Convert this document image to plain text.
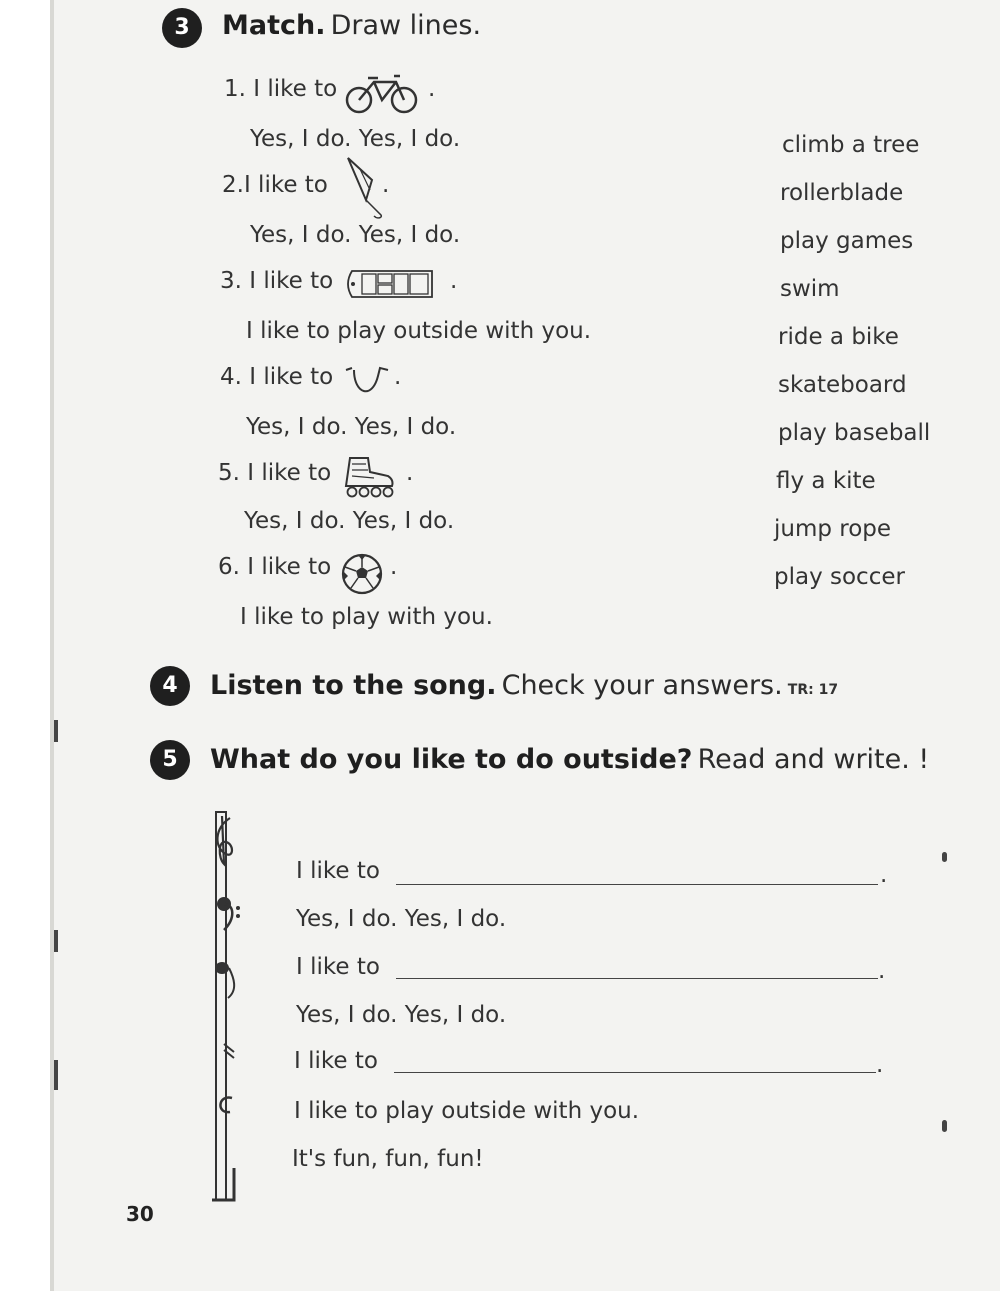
3	Match. Draw lines.
1. I like to	.
Yes, I do. Yes, I do.
2.I like to .
Yes, I do. Yes, I do.
3. I like to	.
I like to play outside with you.
4. I like to	.
Yes, I do. Yes, I do.
5. I like to	.
Yes, I do. Yes, I do.
6. I like to	.
I like to play with you.
climb a tree
rollerblade
play games
swim
ride a bike
skateboard
play baseball
fly a kite
jump rope
play soccer
4	Listen to the song. Check your answers. TR: 17
5	What do you like to do outside? Read and write. !
I like to	.
Yes, I do. Yes, I do.
I like to	.
Yes, I do. Yes, I do.
I like to	.
I like to play outside with you.
It's fun, fun, fun!
30
